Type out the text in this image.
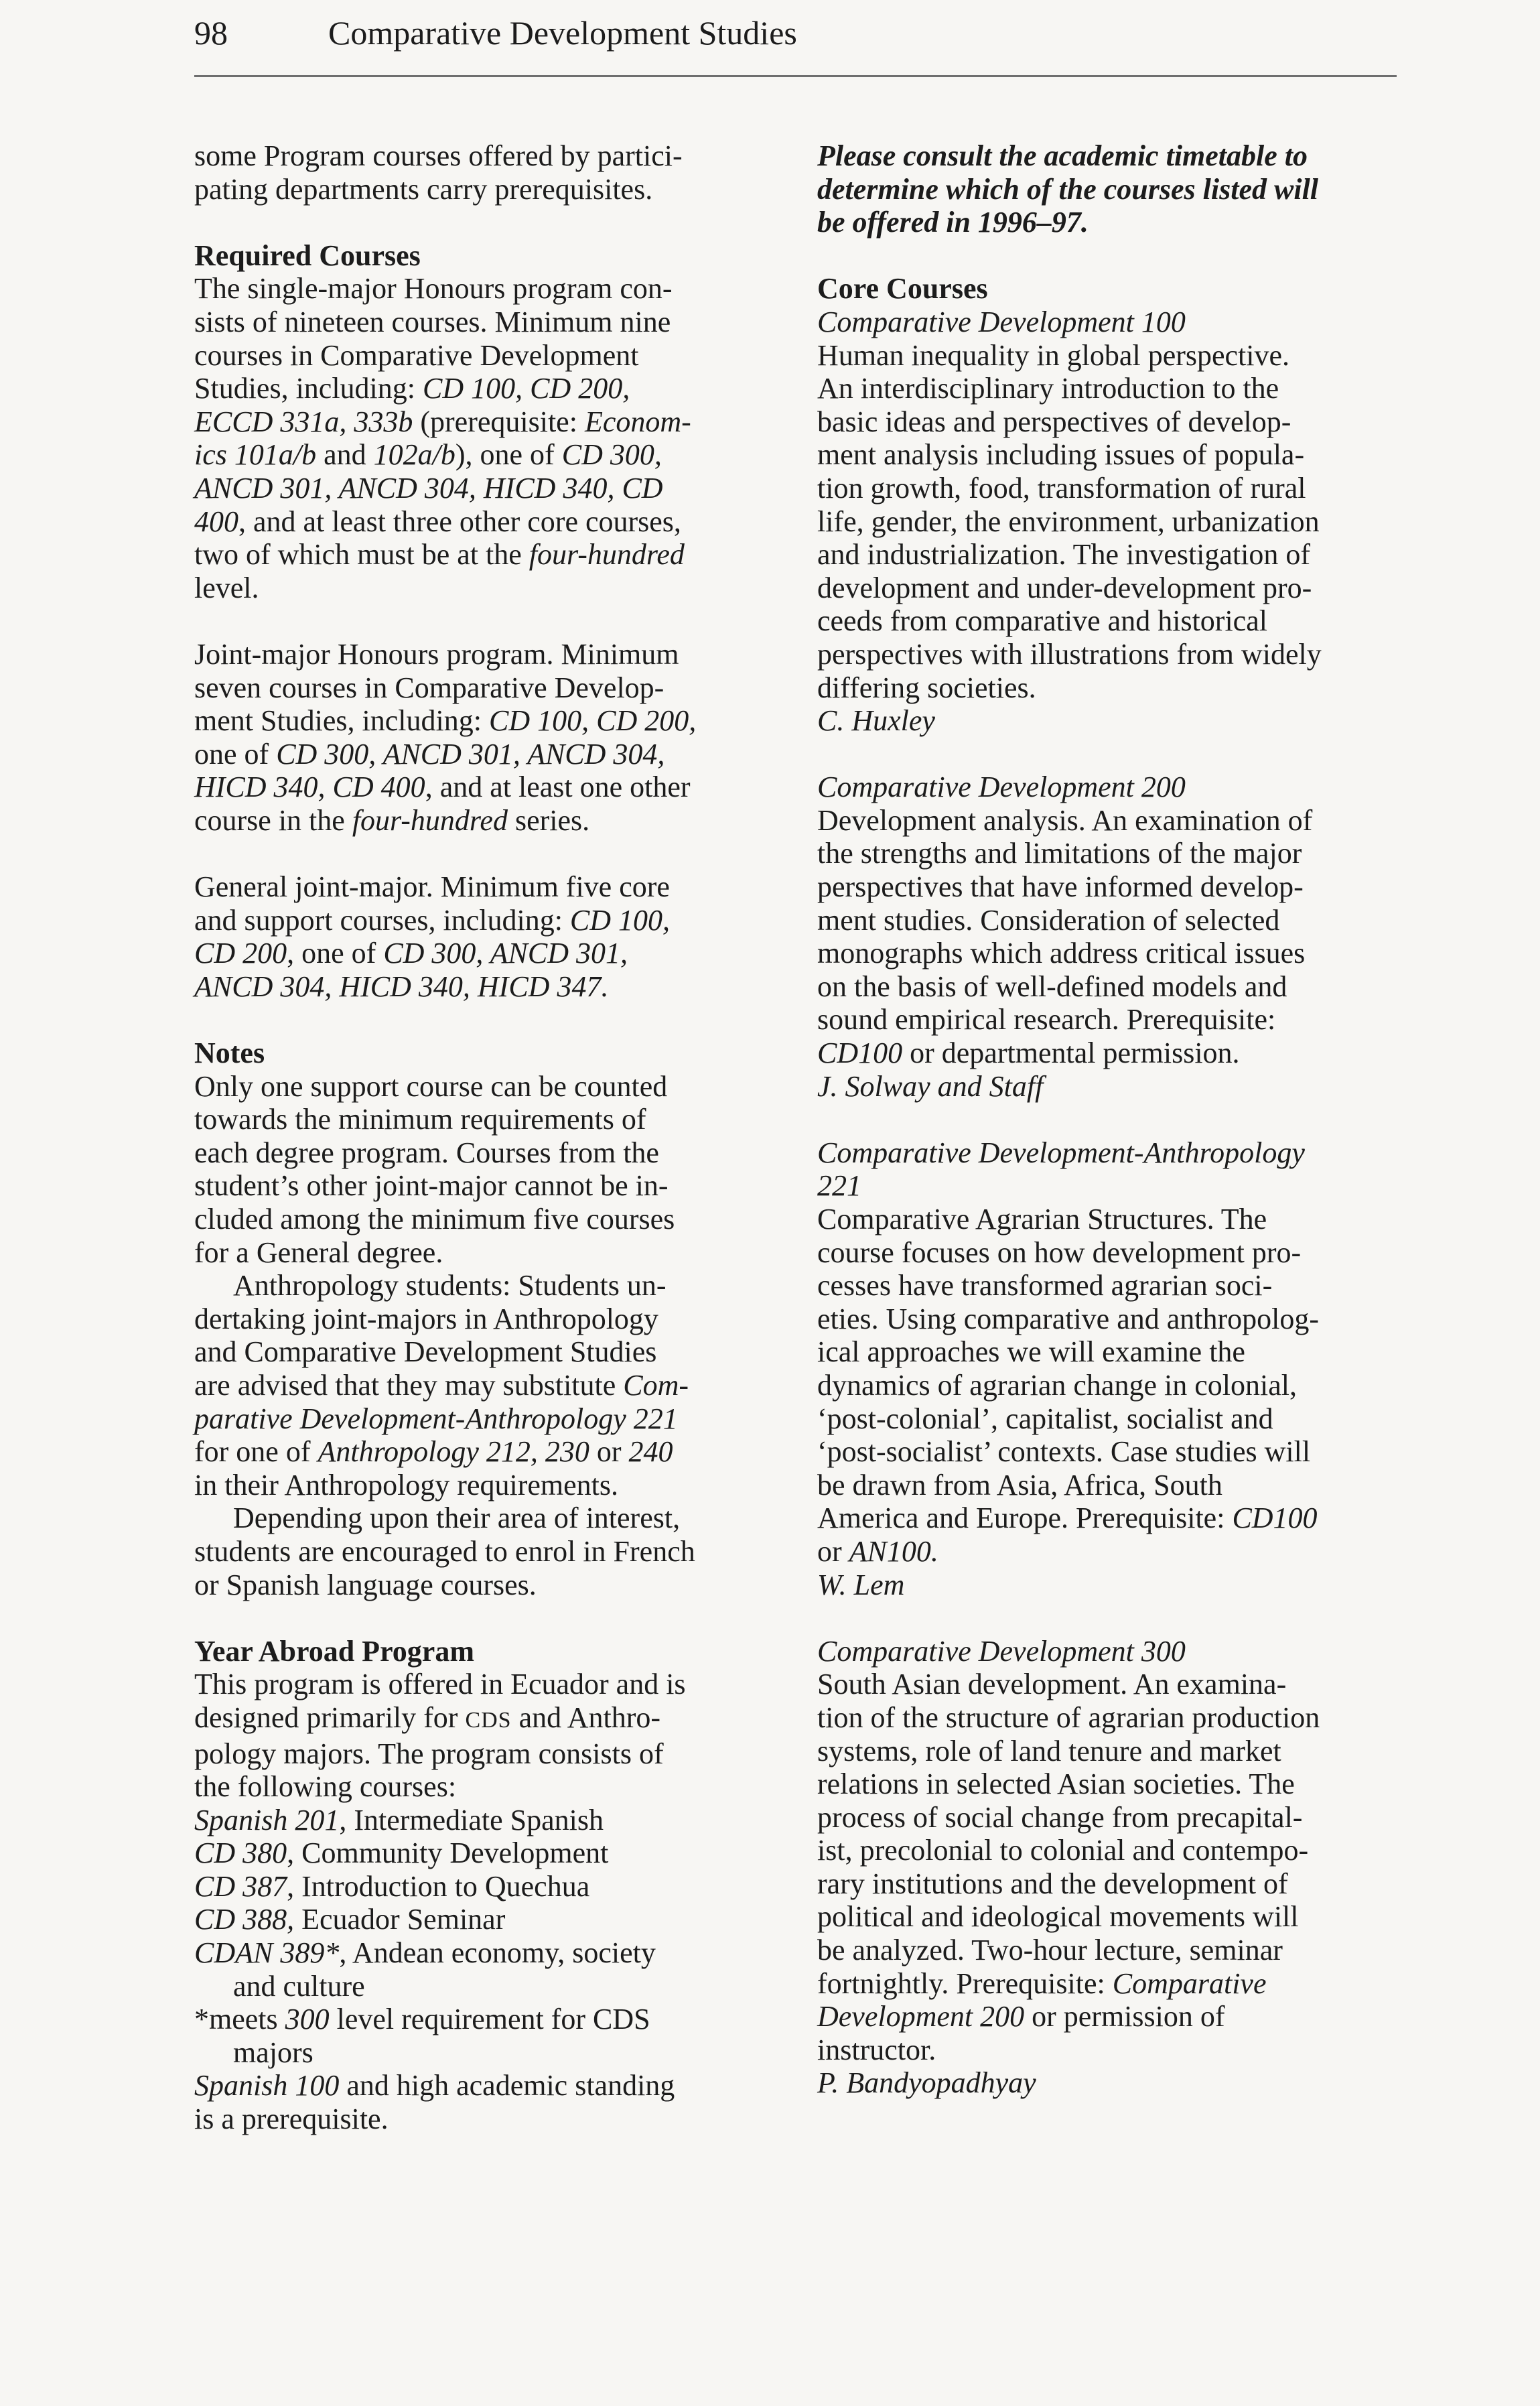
98	Comparative Development Studies
some Program courses offered by partici-
pating departments carry prerequisites.
Required Courses
The single-major Honours program con-
sists of nineteen courses. Minimum nine
courses in Comparative Development
Studies, including: CD 100, CD 200,
ECCD 331a, 333b (prerequisite: Econom-
ics 101a/b and 102a/b), one of CD 300,
ANCD 301, ANCD 304, HICD 340, CD
400, and at least three other core courses,
two of which must be at the four-hundred
level.
Joint-major Honours program. Minimum
seven courses in Comparative Develop-
ment Studies, including: CD 100, CD 200,
one of CD 300, ANCD 301, ANCD 304,
HICD 340, CD 400, and at least one other
course in the four-hundred series.
General joint-major. Minimum five core
and support courses, including: CD 100,
CD 200, one of CD 300, ANCD 301,
ANCD 304, HICD 340, HICD 347.
Notes
Only one support course can be counted
towards the minimum requirements of
each degree program. Courses from the
student’s other joint-major cannot be in-
cluded among the minimum five courses
for a General degree.
Anthropology students: Students un-
dertaking joint-majors in Anthropology
and Comparative Development Studies
are advised that they may substitute Com-
parative Development-Anthropology 221
for one of Anthropology 212, 230 or 240
in their Anthropology requirements.
Depending upon their area of interest,
students are encouraged to enrol in French
or Spanish language courses.
Year Abroad Program
This program is offered in Ecuador and is
designed primarily for CDS and Anthro-
pology majors. The program consists of
the following courses:
Spanish 201, Intermediate Spanish
CD 380, Community Development
CD 387, Introduction to Quechua
CD 388, Ecuador Seminar
CDAN 389*, Andean economy, society
and culture
*meets 300 level requirement for CDS
majors
Spanish 100 and high academic standing
is a prerequisite.
Please consult the academic timetable to
determine which of the courses listed will
be offered in 1996–97.
Core Courses
Comparative Development 100
Human inequality in global perspective.
An interdisciplinary introduction to the
basic ideas and perspectives of develop-
ment analysis including issues of popula-
tion growth, food, transformation of rural
life, gender, the environment, urbanization
and industrialization. The investigation of
development and under-development pro-
ceeds from comparative and historical
perspectives with illustrations from widely
differing societies.
C. Huxley
Comparative Development 200
Development analysis. An examination of
the strengths and limitations of the major
perspectives that have informed develop-
ment studies. Consideration of selected
monographs which address critical issues
on the basis of well-defined models and
sound empirical research. Prerequisite:
CD100 or departmental permission.
J. Solway and Staff
Comparative Development-Anthropology
221
Comparative Agrarian Structures. The
course focuses on how development pro-
cesses have transformed agrarian soci-
eties. Using comparative and anthropolog-
ical approaches we will examine the
dynamics of agrarian change in colonial,
‘post-colonial’, capitalist, socialist and
‘post-socialist’ contexts. Case studies will
be drawn from Asia, Africa, South
America and Europe. Prerequisite: CD100
or AN100.
W. Lem
Comparative Development 300
South Asian development. An examina-
tion of the structure of agrarian production
systems, role of land tenure and market
relations in selected Asian societies. The
process of social change from precapital-
ist, precolonial to colonial and contempo-
rary institutions and the development of
political and ideological movements will
be analyzed. Two-hour lecture, seminar
fortnightly. Prerequisite: Comparative
Development 200 or permission of
instructor.
P. Bandyopadhyay
